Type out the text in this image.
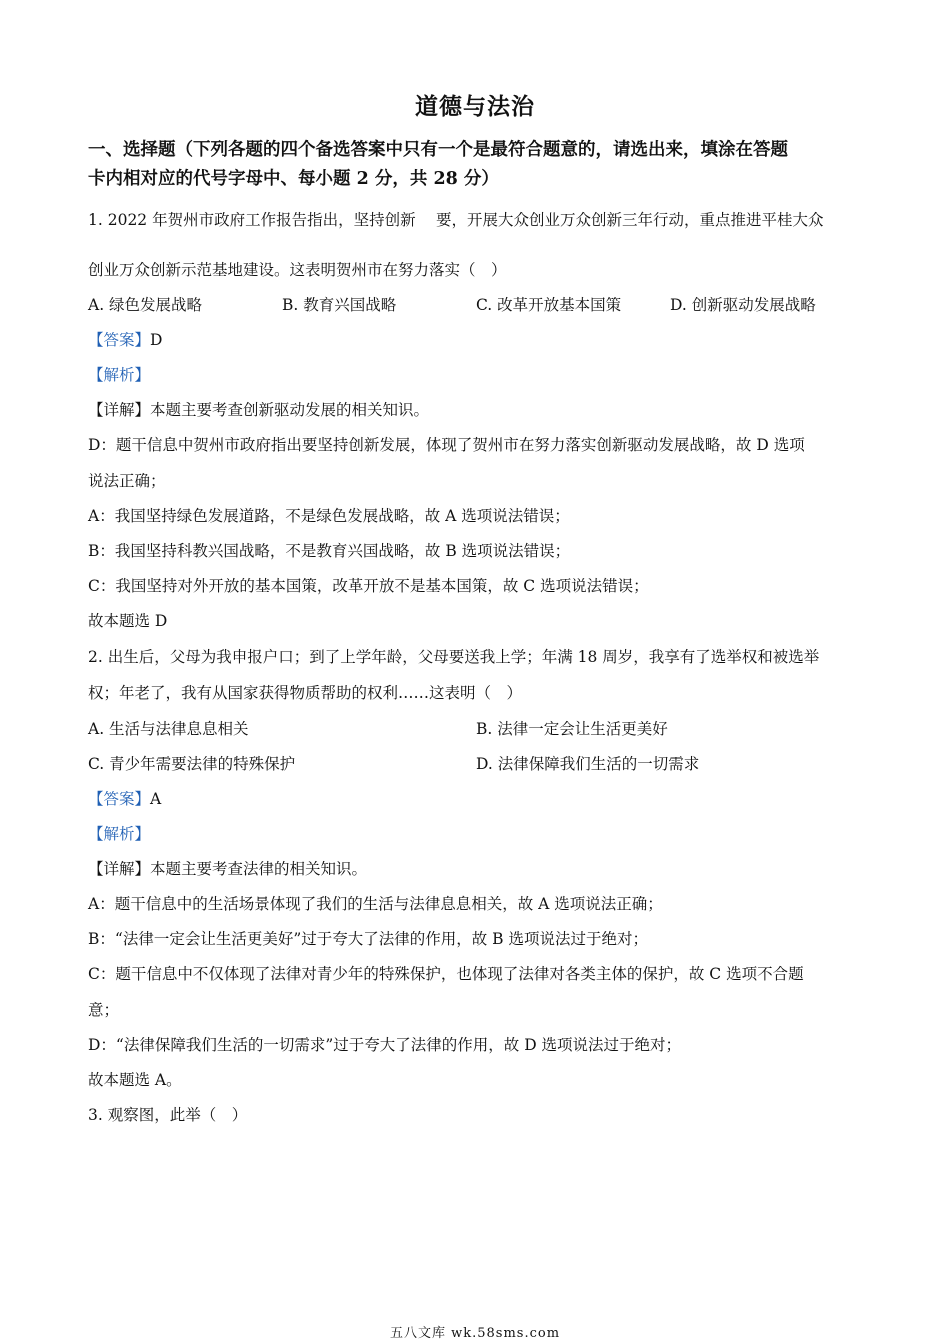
道德与法治
一、选择题（下列各题的四个备选答案中只有一个是最符合题意的，请选出来，填涂在答题
卡内相对应的代号字母中、每小题 2 分，共 28 分）
1. 2022 年贺州市政府工作报告指出，坚持创新　 要，开展大众创业万众创新三年行动，重点推进平桂大众
创业万众创新示范基地建设。这表明贺州市在努力落实（　）
A. 绿色发展战略	B. 教育兴国战略	C. 改革开放基本国策	D. 创新驱动发展战略
【答案】D
【解析】
【详解】本题主要考查创新驱动发展的相关知识。
D：题干信息中贺州市政府指出要坚持创新发展，体现了贺州市在努力落实创新驱动发展战略，故 D 选项
说法正确；
A：我国坚持绿色发展道路，不是绿色发展战略，故 A 选项说法错误；
B：我国坚持科教兴国战略，不是教育兴国战略，故 B 选项说法错误；
C：我国坚持对外开放的基本国策，改革开放不是基本国策，故 C 选项说法错误；
故本题选 D
2. 出生后，父母为我申报户口；到了上学年龄，父母要送我上学；年满 18 周岁，我享有了选举权和被选举
权；年老了，我有从国家获得物质帮助的权利……这表明（　）
A. 生活与法律息息相关	B. 法律一定会让生活更美好
C. 青少年需要法律的特殊保护	D. 法律保障我们生活的一切需求
【答案】A
【解析】
【详解】本题主要考查法律的相关知识。
A：题干信息中的生活场景体现了我们的生活与法律息息相关，故 A 选项说法正确；
B：“法律一定会让生活更美好”过于夸大了法律的作用，故 B 选项说法过于绝对；
C：题干信息中不仅体现了法律对青少年的特殊保护，也体现了法律对各类主体的保护，故 C 选项不合题
意；
D：“法律保障我们生活的一切需求”过于夸大了法律的作用，故 D 选项说法过于绝对；
故本题选 A。
3. 观察图，此举（　）
五八文库 wk.58sms.com
